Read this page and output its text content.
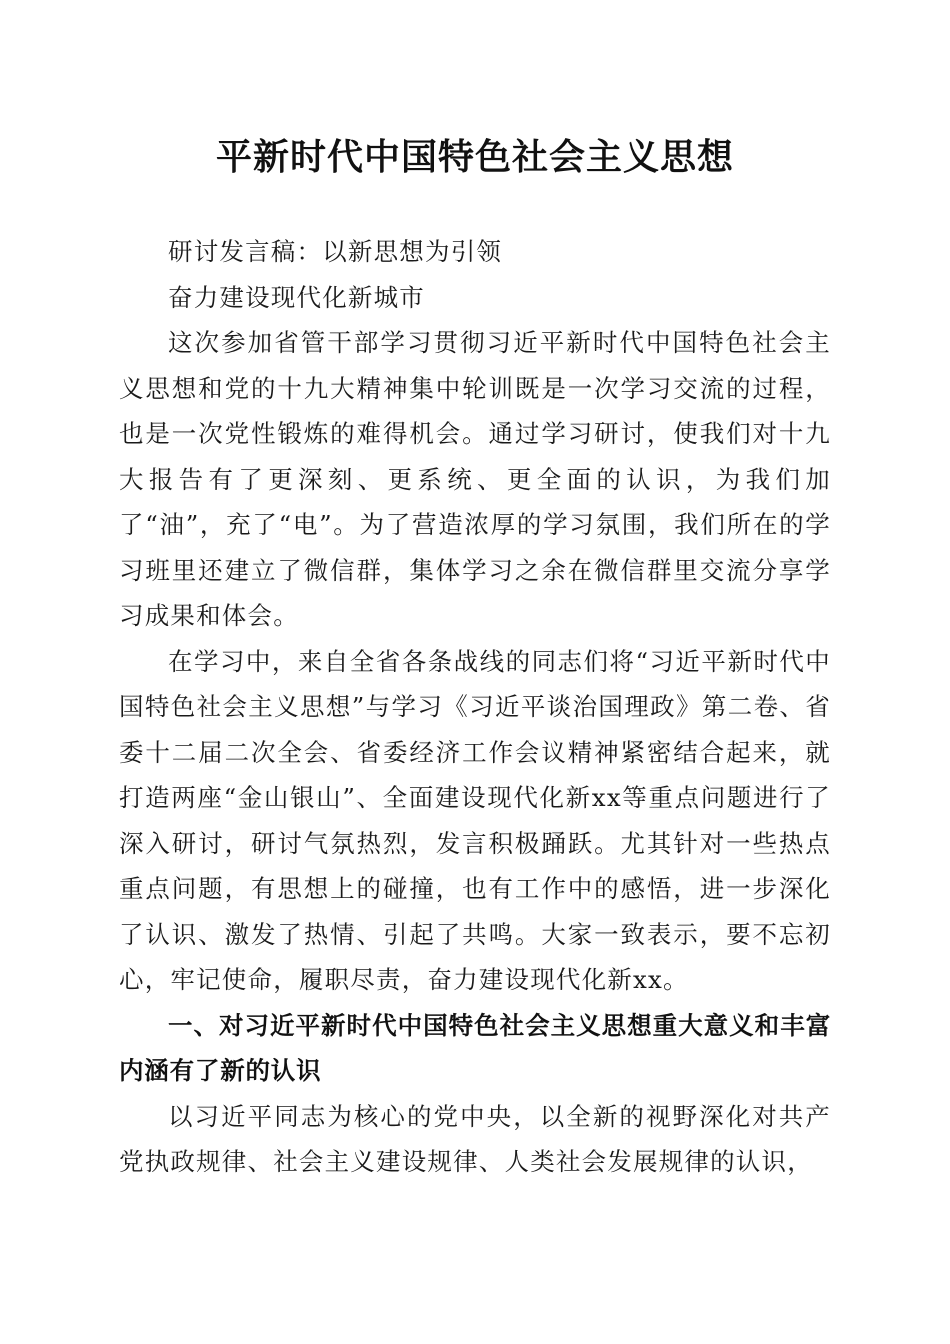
平新时代中国特色社会主义思想

研讨发言稿：以新思想为引领

奋力建设现代化新城市

这次参加省管干部学习贯彻习近平新时代中国特色社会主义思想和党的十九大精神集中轮训既是一次学习交流的过程，也是一次党性锻炼的难得机会。通过学习研讨，使我们对十九大报告有了更深刻、更系统、更全面的认识，为我们加了“油”，充了“电”。为了营造浓厚的学习氛围，我们所在的学习班里还建立了微信群，集体学习之余在微信群里交流分享学习成果和体会。

在学习中，来自全省各条战线的同志们将“习近平新时代中国特色社会主义思想”与学习《习近平谈治国理政》第二卷、省委十二届二次全会、省委经济工作会议精神紧密结合起来，就打造两座“金山银山”、全面建设现代化新xx等重点问题进行了深入研讨，研讨气氛热烈，发言积极踊跃。尤其针对一些热点重点问题，有思想上的碰撞，也有工作中的感悟，进一步深化了认识、激发了热情、引起了共鸣。大家一致表示，要不忘初心，牢记使命，履职尽责，奋力建设现代化新xx。

一、对习近平新时代中国特色社会主义思想重大意义和丰富内涵有了新的认识

以习近平同志为核心的党中央，以全新的视野深化对共产党执政规律、社会主义建设规律、人类社会发展规律的认识，
